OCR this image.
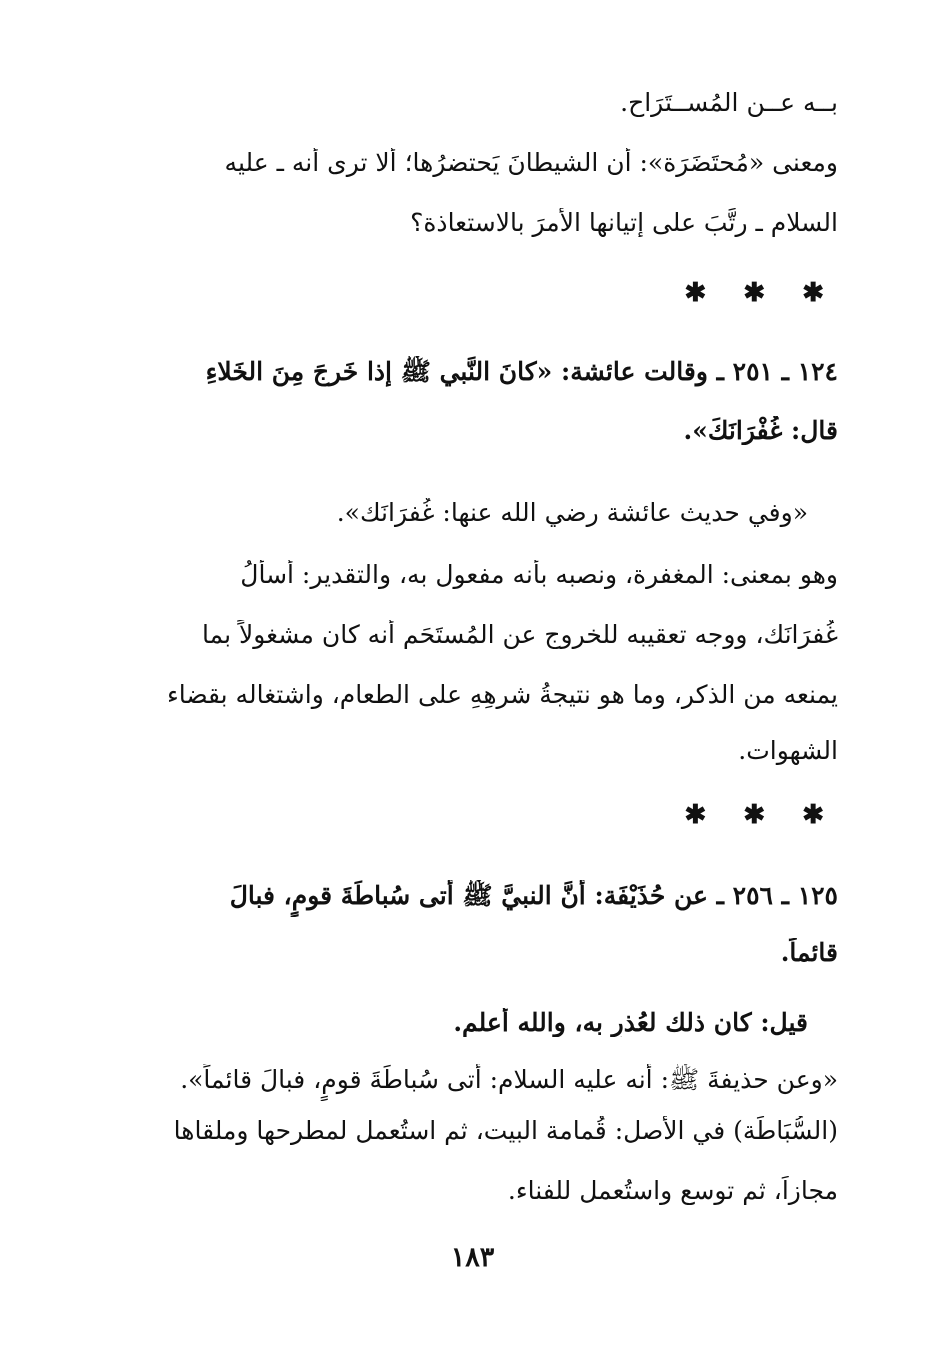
بــه عــن المُســتَرَاح.
ومعنى «مُحتَضَرَة»: أن الشيطانَ يَحتضرُها؛ ألا ترى أنه ـ عليه
السلام ـ رتَّبَ على إتيانها الأمرَ بالاستعاذة؟
✱ ✱ ✱
١٢٤ ـ ٢٥١ ـ وقالت عائشة: «كانَ النَّبي ﷺ إذا خَرجَ مِنَ الخَلاءِ
قال: غُفْرَانَكَ».
«وفي حديث عائشة رضي الله عنها: غُفرَانَك».
وهو بمعنى: المغفرة، ونصبه بأنه مفعول به، والتقدير: أسألُ
غُفرَانَك، ووجه تعقيبه للخروج عن المُستَحَم أنه كان مشغولاً بما
يمنعه من الذكر، وما هو نتيجةُ شرهِهِ على الطعام، واشتغاله بقضاء
الشهوات.
✱ ✱ ✱
١٢٥ ـ ٢٥٦ ـ عن حُذَيْفَة: أنَّ النبيَّ ﷺ أتى سُباطَةَ قومٍ، فبالَ
قائماً.
قيل: كان ذلك لعُذرٍ به، والله أعلم.
«وعن حذيفةَ ﷺ: أنه عليه السلام: أتى سُباطَةَ قومٍ، فبالَ قائماً».
(السُّبَاطَة) في الأصل: قُمامة البيت، ثم استُعمل لمطرحها وملقاها
مجازاً، ثم توسع واستُعمل للفناء.
١٨٣
